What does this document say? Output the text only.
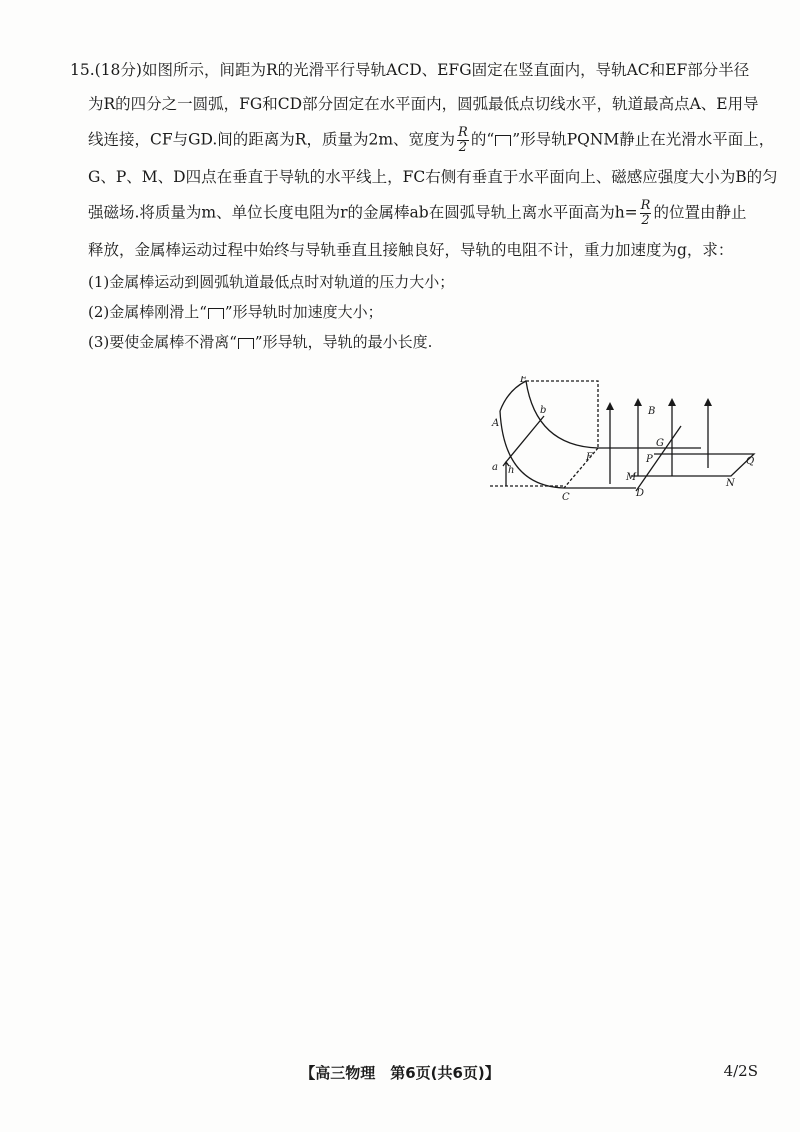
15.(18分)如图所示，间距为R的光滑平行导轨ACD、EFG固定在竖直面内，导轨AC和EF部分半径
为R的四分之一圆弧，FG和CD部分固定在水平面内，圆弧最低点切线水平，轨道最高点A、E用导
线连接，CF与GD.间的距离为R，质量为2m、宽度为 $\frac{R}{2}$ 的“ ”形导轨PQNM静止在光滑水平面上，
G、P、M、D四点在垂直于导轨的水平线上，FC右侧有垂直于水平面向上、磁感应强度大小为B的匀
强磁场.将质量为m、单位长度电阻为r的金属棒ab在圆弧导轨上离水平面高为$h= \frac{R}{2}$ 的位置由静止
释放，金属棒运动过程中始终与导轨垂直且接触良好，导轨的电阻不计，重力加速度为g，求：
(1)金属棒运动到圆弧轨道最低点时对轨道的压力大小；
(2)金属棒刚滑上“ ”形导轨时加速度大小；
(3)要使金属棒不滑离“ ”形导轨，导轨的最小长度.
E
A
b
a h
F
C
B
G
P
M
D
N
Q
【高三物理　第6页(共6页)】	4/2S
